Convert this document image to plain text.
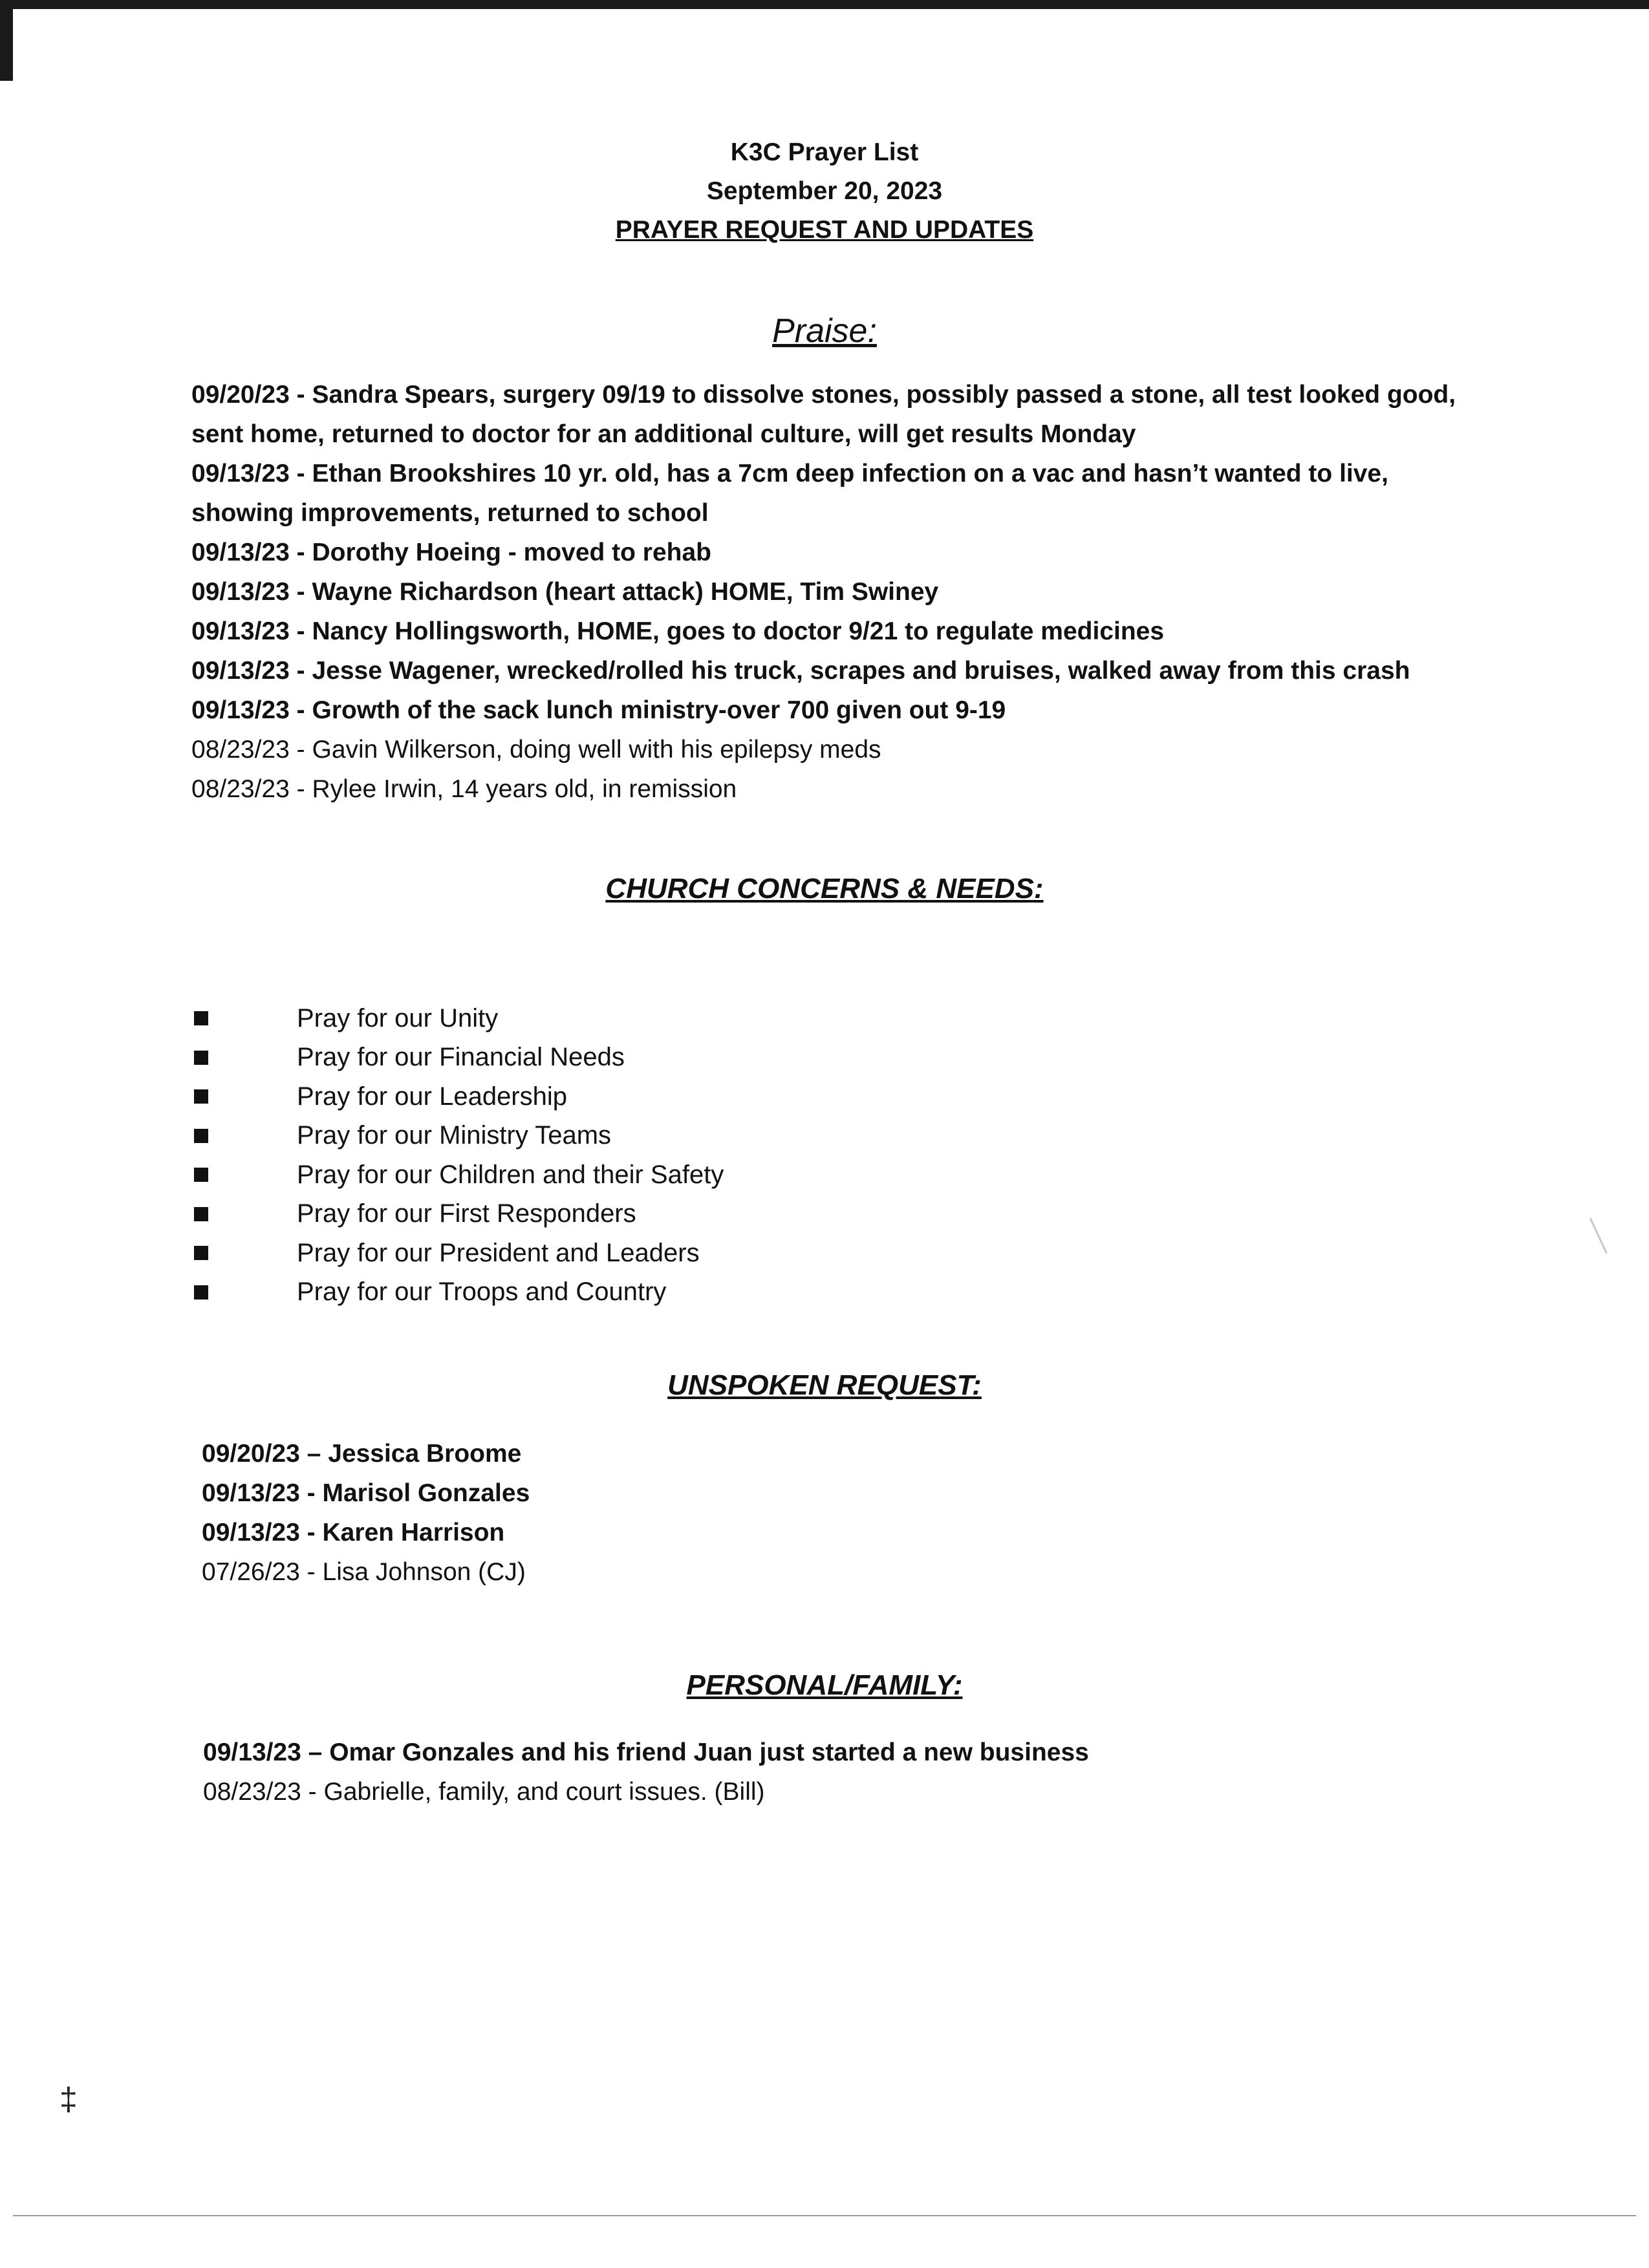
K3C Prayer List
September 20, 2023
PRAYER REQUEST AND UPDATES
Praise:
09/20/23 - Sandra Spears, surgery 09/19 to dissolve stones, possibly passed a stone, all test looked good, sent home, returned to doctor for an additional culture, will get results Monday
09/13/23 - Ethan Brookshires 10 yr. old, has a 7cm deep infection on a vac and hasn’t wanted to live, showing improvements, returned to school
09/13/23 - Dorothy Hoeing - moved to rehab
09/13/23 - Wayne Richardson (heart attack) HOME, Tim Swiney
09/13/23 - Nancy Hollingsworth, HOME, goes to doctor 9/21 to regulate medicines
09/13/23 - Jesse Wagener, wrecked/rolled his truck, scrapes and bruises, walked away from this crash
09/13/23 - Growth of the sack lunch ministry-over 700 given out 9-19
08/23/23 - Gavin Wilkerson, doing well with his epilepsy meds
08/23/23 - Rylee Irwin, 14 years old, in remission
CHURCH CONCERNS & NEEDS:
Pray for our Unity
Pray for our Financial Needs
Pray for our Leadership
Pray for our Ministry Teams
Pray for our Children and their Safety
Pray for our First Responders
Pray for our President and Leaders
Pray for our Troops and Country
UNSPOKEN REQUEST:
09/20/23 – Jessica Broome
09/13/23 - Marisol Gonzales
09/13/23 - Karen Harrison
07/26/23 - Lisa Johnson (CJ)
PERSONAL/FAMILY:
09/13/23 – Omar Gonzales and his friend Juan just started a new business
08/23/23 - Gabrielle, family, and court issues. (Bill)
‡
